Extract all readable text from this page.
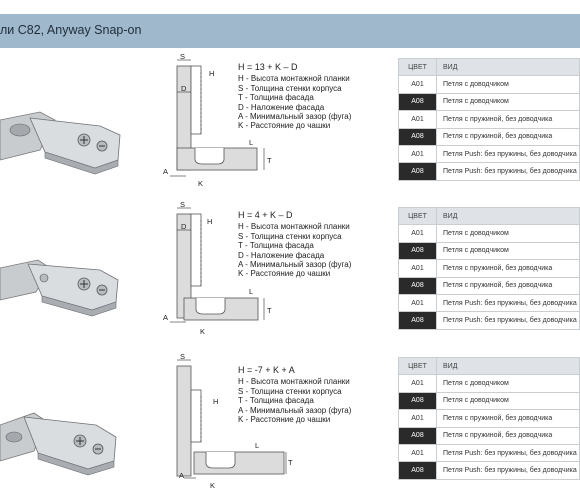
ли C82, Anyway Snap-on
S
H
D
L
T
A
K
H = 13 + K – D
H - Высота монтажной планки
S - Толщина стенки корпуса
T - Толщина фасада
D - Наложение фасада
A - Минимальный зазор (фуга)
K - Расстояние до чашки
ЦВЕТ	ВИД
A01	Петля с доводчиком
A08	Петля с доводчиком
A01	Петля с пружиной, без доводчика
A08	Петля с пружиной, без доводчика
A01	Петля Push: без пружины, без доводчика
A08	Петля Push: без пружины, без доводчика
S
H
D
L
T
A
K
H = 4 + K – D
H - Высота монтажной планки
S - Толщина стенки корпуса
T - Толщина фасада
D - Наложение фасада
A - Минимальный зазор (фуга)
K - Расстояние до чашки
ЦВЕТ	ВИД
A01	Петля с доводчиком
A08	Петля с доводчиком
A01	Петля с пружиной, без доводчика
A08	Петля с пружиной, без доводчика
A01	Петля Push: без пружины, без доводчика
A08	Петля Push: без пружины, без доводчика
S
H
L
T
A
K
H = -7 + K + A
H - Высота монтажной планки
S - Толщина стенки корпуса
T - Толщина фасада
A - Минимальный зазор (фуга)
K - Расстояние до чашки
ЦВЕТ	ВИД
A01	Петля с доводчиком
A08	Петля с доводчиком
A01	Петля с пружиной, без доводчика
A08	Петля с пружиной, без доводчика
A01	Петля Push: без пружины, без доводчика
A08	Петля Push: без пружины, без доводчика
